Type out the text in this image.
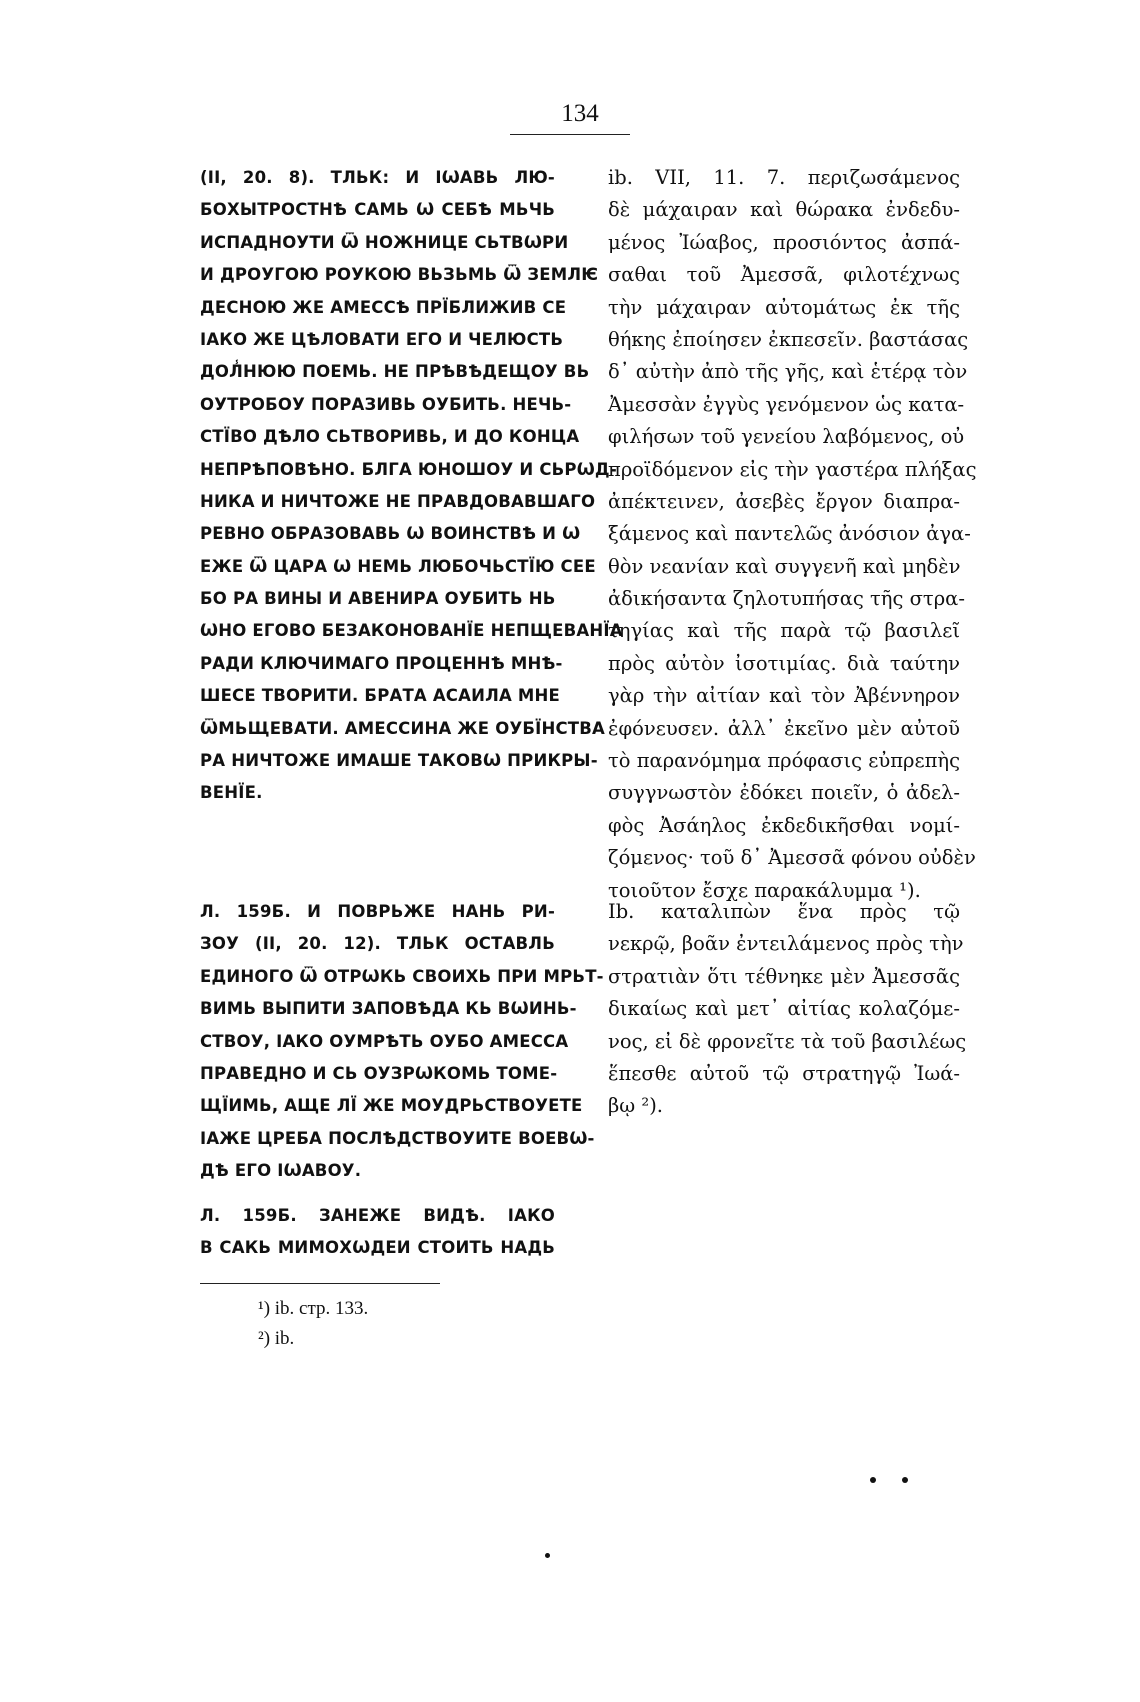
134
(II, 20. 8). ТЛЬК: И ӀѠАВЬ ЛЮ-
БОХЫТРОСТНѢ САМЬ Ѡ СЕБѢ МЬЧЬ
ИСПАДНОУТИ Ѿ НОЖНИЦЕ СЬТВѠРИ
И ДРОУГОЮ РОУКОЮ ВЬЗЬМЬ Ѿ ЗЕМЛѤ
ДЕСНОЮ ЖЕ АМЕССѢ ПРЇБЛИЖИВ СЕ
ӀАКО ЖЕ ЦѢЛОВАТИ ЕГО И ЧЕЛЮСТЬ
ДОЛ̾НЮЮ ПОЕМЬ. НЕ ПРѢВѢДЕЩОУ ВЬ
ОУТРОБОУ ПОРАЗИВЬ ОУБИТЬ. НЕЧЬ-
СТЇВО ДѢЛО СЬТВОРИВЬ, И ДО КОНЦА
НЕПРѢПОВѢНО. БЛГА ЮНОШОУ И СЬРѠД-
НИКА И НИЧТОЖЕ НЕ ПРАВДОВАВШАГО
РЕВНО ОБРАЗОВАВЬ Ѡ ВОИНСТВѢ И Ѡ
ЕЖЕ Ѿ ЦАРА Ѡ НЕМЬ ЛЮБОЧЬСТЇЮ СЕЕ
БО РА ВИНЫ И АВЕНИРА ОУБИТЬ НЬ
ѠНО ЕГОВО БЕЗАКОНОВАНЇЕ НЕПЩЕВАНЇА
РАДИ КЛЮЧИМАГО ПРОЦЕННѢ МНѢ-
ШЕСЕ ТВОРИТИ. БРАТА АСАИЛА МНЕ
ѾМЬЩЕВАТИ. АМЕССИНА ЖЕ ОУБЇНСТВА
РА НИЧТОЖЕ ИМАШЕ ТАКОВѠ ПРИКРЫ-
ВЕНЇЕ.
ib. VII, 11. 7. περιζωσάμενος
δὲ μάχαιραν καὶ θώρακα ἐνδεδυ-
μένος Ἰώαβος, προσιόντος ἀσπά-
σαθαι τοῦ Ἀμεσσᾶ, φιλοτέχνως
τὴν μάχαιραν αὐτομάτως ἐκ τῆς
θήκης ἐποίησεν ἐκπεσεῖν. βαστάσας
δ᾽ αὐτὴν ἀπὸ τῆς γῆς, καὶ ἑτέρᾳ τὸν
Ἀμεσσὰν ἐγγὺς γενόμενον ὡς κατα-
φιλήσων τοῦ γενείου λαβόμενος, οὐ
προϊδόμενον εἰς τὴν γαστέρα πλήξας
ἀπέκτεινεν, ἀσεβὲς ἔργον διαπρα-
ξάμενος καὶ παντελῶς ἀνόσιον ἀγα-
θὸν νεανίαν καὶ συγγενῆ καὶ μηδὲν
ἀδικήσαντα ζηλοτυπήσας τῆς στρα-
τηγίας καὶ τῆς παρὰ τῷ βασιλεῖ
πρὸς αὐτὸν ἰσοτιμίας. διὰ ταύτην
γὰρ τὴν αἰτίαν καὶ τὸν Ἀβέννηρον
ἐφόνευσεν. ἀλλ᾽ ἐκεῖνο μὲν αὐτοῦ
τὸ παρανόμημα πρόφασις εὐπρεπὴς
συγγνωστὸν ἐδόκει ποιεῖν, ὁ ἀδελ-
φὸς Ἀσάηλος ἐκδεδικῆσθαι νομί-
ζόμενος· τοῦ δ᾽ Ἀμεσσᾶ φόνου οὐδὲν
τοιοῦτον ἔσχε παρακάλυμμα ¹).
Л. 159Б. И ПОВРЬЖЕ НАНЬ РИ-
ЗОУ (II, 20. 12). ТЛЬК ОСТАВЛЬ
ЕДИНОГО Ѿ ОТРѠКЬ СВОИХЬ ПРИ МРЬТ-
ВИМЬ ВЫПИТИ ЗАПОВѢДА КЬ ВѠИНЬ-
СТВОУ, ӀАКО ОУМРѢТЬ ОУБО АМЕССА
ПРАВЕДНО И СЬ ОУЗРѠКОМЬ ТОМЕ-
ЩЇИМЬ, АЩЕ ЛЇ ЖЕ МОУДРЬСТВОУЕТЕ
ӀАЖЕ ЦРЕБА ПОСЛѢДСТВОУИТЕ ВОЕВѠ-
ДѢ ЕГО ІѠАВОУ.
Ib. καταλιπὼν ἕνα πρὸς τῷ
νεκρῷ, βοᾶν ἐντειλάμενος πρὸς τὴν
στρατιὰν ὅτι τέθνηκε μὲν Ἀμεσσᾶς
δικαίως καὶ μετ᾽ αἰτίας κολαζόμε-
νος, εἰ δὲ φρονεῖτε τὰ τοῦ βασιλέως
ἕπεσθε αὐτοῦ τῷ στρατηγῷ Ἰωά-
βῳ ²).
Л. 159Б. ЗАНЕЖЕ ВИДѢ. ӀАКО
В САКЬ МИМОХѠДЕИ СТОИТЬ НАДЬ
¹) ib. стр. 133.
²) ib.
